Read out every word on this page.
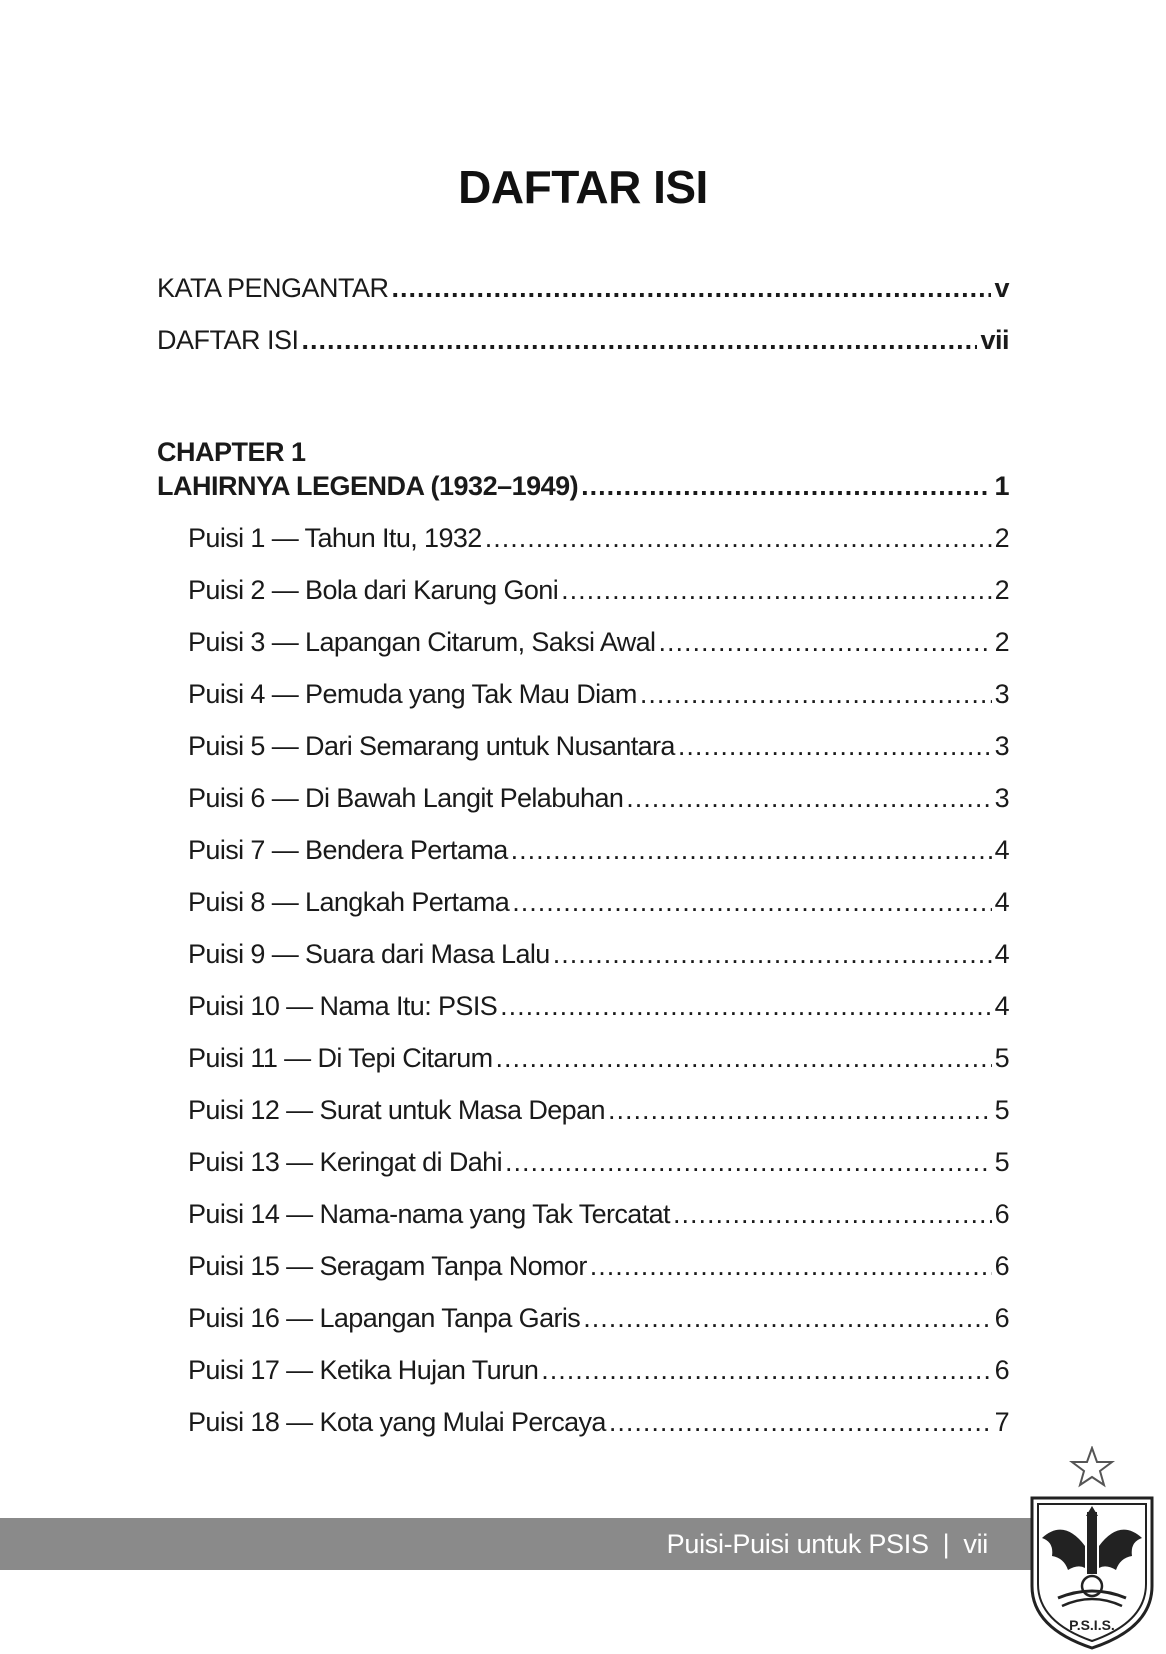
DAFTAR ISI
KATA PENGANTAR .....	v
DAFTAR ISI .....	vii
CHAPTER 1
LAHIRNYA LEGENDA (1932–1949) .....	1
Puisi 1 — Tahun Itu, 1932 .....	2
Puisi 2 — Bola dari Karung Goni .....	2
Puisi 3 — Lapangan Citarum, Saksi Awal .....	2
Puisi 4 — Pemuda yang Tak Mau Diam .....	3
Puisi 5 — Dari Semarang untuk Nusantara .....	3
Puisi 6 — Di Bawah Langit Pelabuhan .....	3
Puisi 7 — Bendera Pertama .....	4
Puisi 8 — Langkah Pertama .....	4
Puisi 9 — Suara dari Masa Lalu .....	4
Puisi 10 — Nama Itu: PSIS .....	4
Puisi 11 — Di Tepi Citarum .....	5
Puisi 12 — Surat untuk Masa Depan .....	5
Puisi 13 — Keringat di Dahi .....	5
Puisi 14 — Nama-nama yang Tak Tercatat .....	6
Puisi 15 — Seragam Tanpa Nomor .....	6
Puisi 16 — Lapangan Tanpa Garis .....	6
Puisi 17 — Ketika Hujan Turun .....	6
Puisi 18 — Kota yang Mulai Percaya .....	7
Puisi-Puisi untuk PSIS | vii
P.S.I.S.
